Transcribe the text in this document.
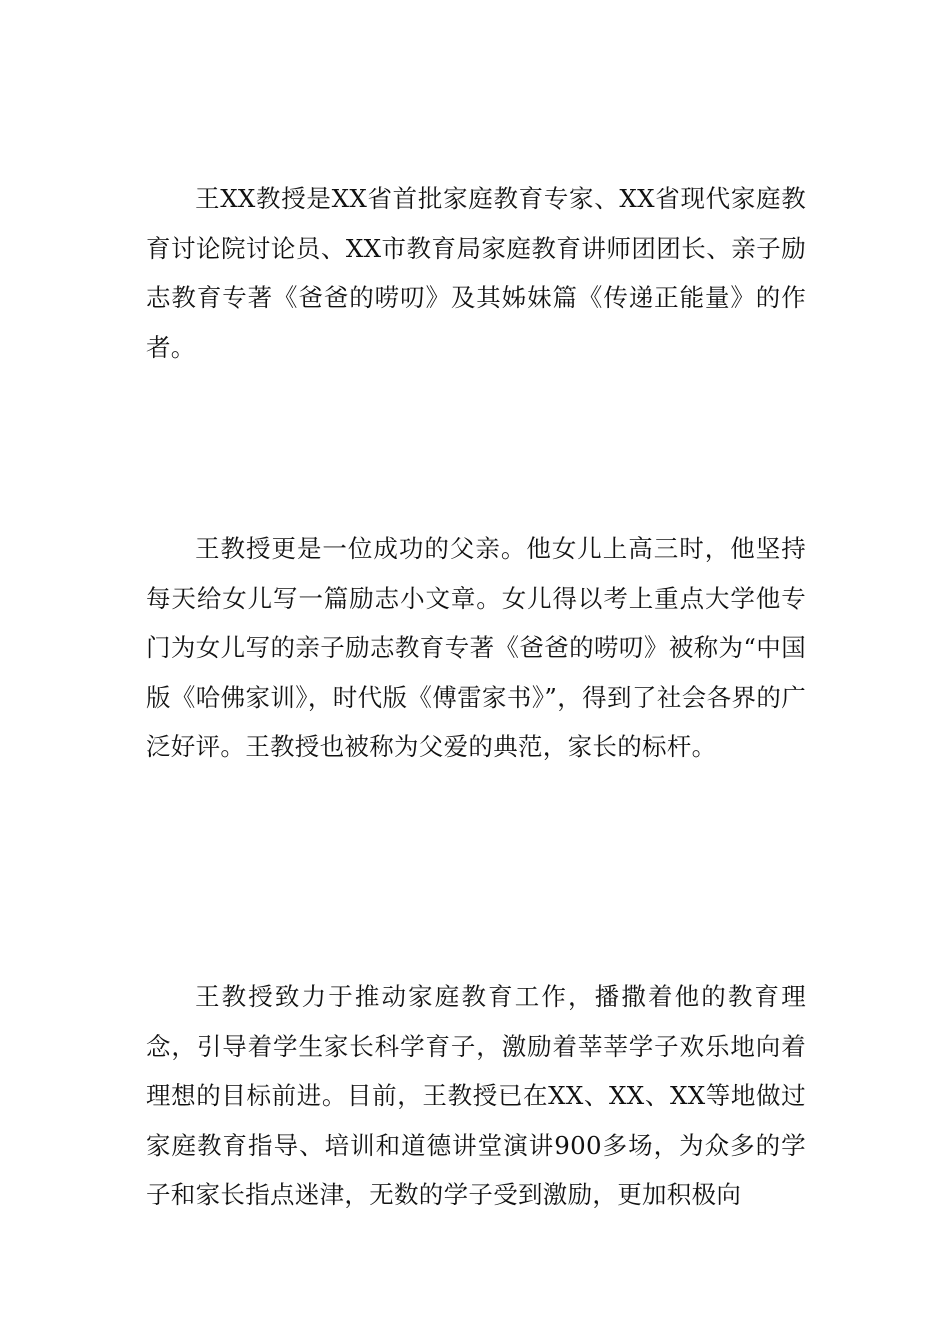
王XX教授是XX省首批家庭教育专家、XX省现代家庭教育讨论院讨论员、XX市教育局家庭教育讲师团团长、亲子励志教育专著《爸爸的唠叨》及其姊妹篇《传递正能量》的作者。

王教授更是一位成功的父亲。他女儿上高三时，他坚持每天给女儿写一篇励志小文章。女儿得以考上重点大学他专门为女儿写的亲子励志教育专著《爸爸的唠叨》被称为“中国版《哈佛家训》，时代版《傅雷家书》”，得到了社会各界的广泛好评。王教授也被称为父爱的典范，家长的标杆。

王教授致力于推动家庭教育工作，播撒着他的教育理念，引导着学生家长科学育子，激励着莘莘学子欢乐地向着理想的目标前进。目前，王教授已在XX、XX、XX等地做过家庭教育指导、培训和道德讲堂演讲900多场，为众多的学子和家长指点迷津，无数的学子受到激励，更加积极向
